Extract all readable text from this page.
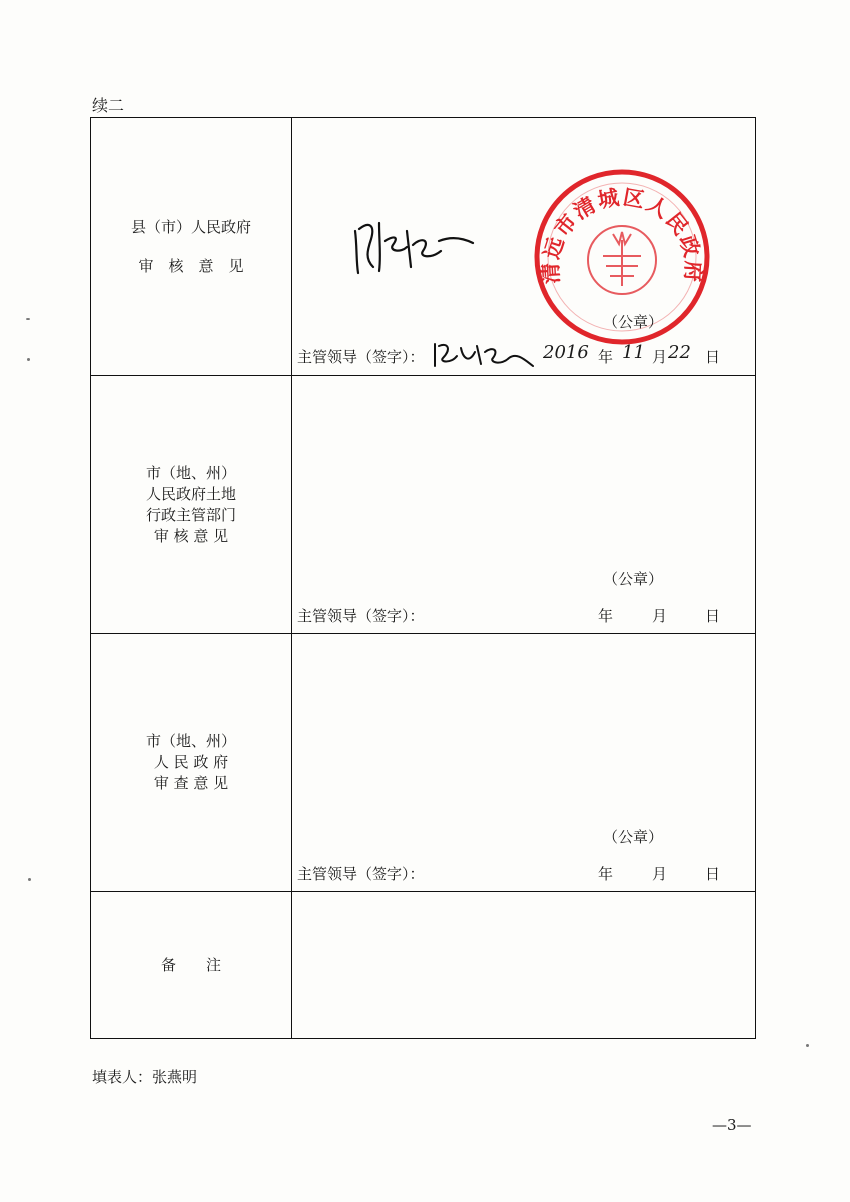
续二
县（市）人民政府
审　核　意　见	清远市清城区人民政府
（公章）
主管领导（签字）：	2016 年 11 月 22 日
市（地、州）
人民政府土地
行政主管部门
审 核 意 见
（公章）
主管领导（签字）：	年	月	日
市（地、州）
人 民 政 府
审 查 意 见
（公章）
主管领导（签字）：	年	月	日
备　　注
填表人：张燕明
—3—
